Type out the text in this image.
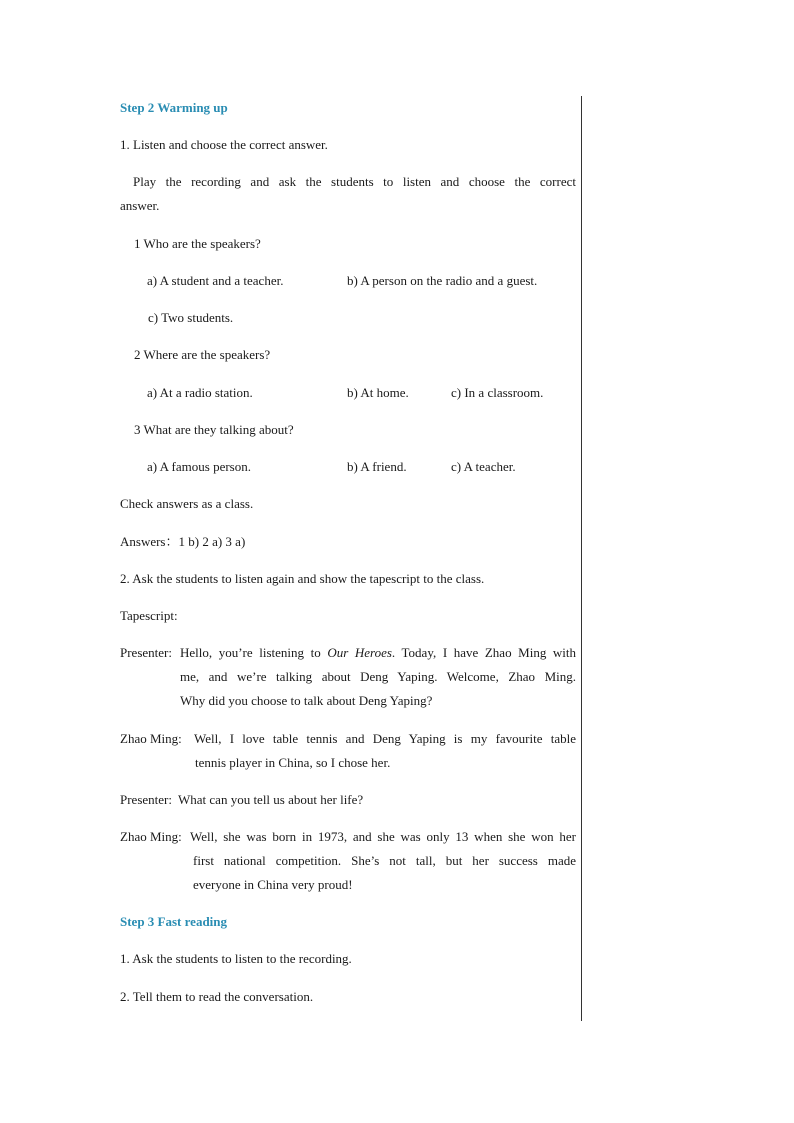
Step 2 Warming up
1. Listen and choose the correct answer.
Play the recording and ask the students to listen and choose the correct
answer.
1 Who are the speakers?
a) A student and a teacher.	b) A person on the radio and a guest.
c) Two students.
2 Where are the speakers?
a) At a radio station.	b) At home.	c) In a classroom.
3 What are they talking about?
a) A famous person.	b) A friend.	c) A teacher.
Check answers as a class.
Answers：1 b) 2 a) 3 a)
2. Ask the students to listen again and show the tapescript to the class.
Tapescript:
Presenter: Hello, you’re listening to Our Heroes. Today, I have Zhao Ming with
me, and we’re talking about Deng Yaping. Welcome, Zhao Ming.
Why did you choose to talk about Deng Yaping?
Zhao Ming: Well, I love table tennis and Deng Yaping is my favourite table
tennis player in China, so I chose her.
Presenter: What can you tell us about her life?
Zhao Ming: Well, she was born in 1973, and she was only 13 when she won her
first national competition. She’s not tall, but her success made
everyone in China very proud!
Step 3 Fast reading
1. Ask the students to listen to the recording.
2. Tell them to read the conversation.
